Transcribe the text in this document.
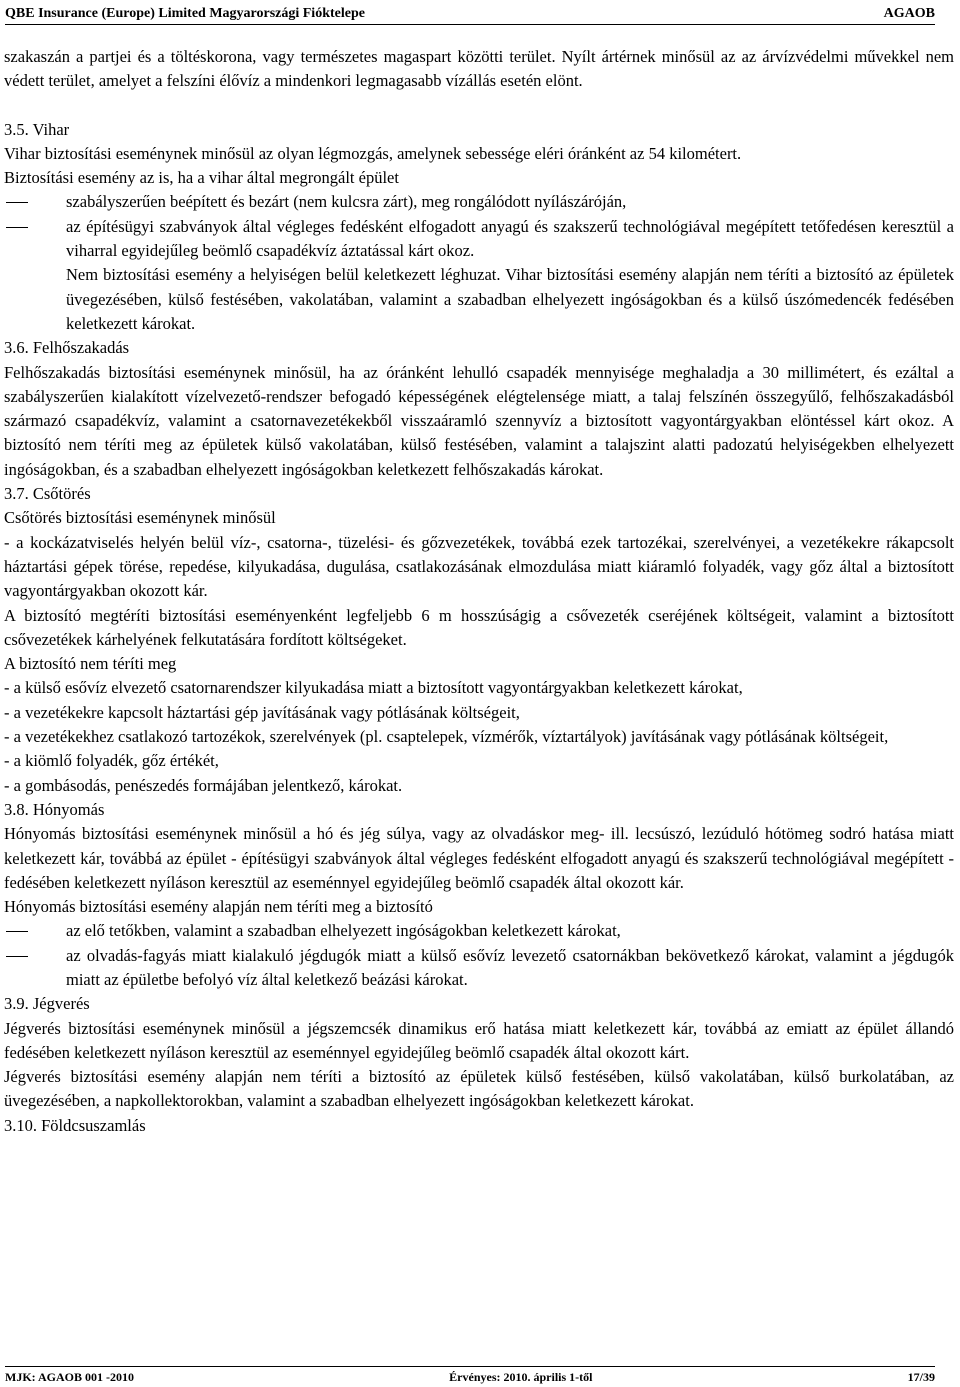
QBE Insurance (Europe) Limited Magyarországi Fióktelepe	AGAOB

szakaszán a partjei és a töltéskorona, vagy természetes magaspart közötti terület. Nyílt ártérnek minősül az az árvízvédelmi művekkel nem védett terület, amelyet a felszíni élővíz a mindenkori legmagasabb vízállás esetén elönt.

3.5. Vihar

Vihar biztosítási eseménynek minősül az olyan légmozgás, amelynek sebessége eléri óránként az 54 kilométert.

Biztosítási esemény az is, ha a vihar által megrongált épület

szabályszerűen beépített és bezárt (nem kulcsra zárt), meg rongálódott nyílászáróján,
az építésügyi szabványok által végleges fedésként elfogadott anyagú és szakszerű technológiával megépített tetőfedésen keresztül a viharral egyidejűleg beömlő csapadékvíz áztatással kárt okoz.

Nem biztosítási esemény a helyiségen belül keletkezett léghuzat. Vihar biztosítási esemény alapján nem téríti a biztosító az épületek üvegezésében, külső festésében, vakolatában, valamint a szabadban elhelyezett ingóságokban és a külső úszómedencék fedésében keletkezett károkat.

3.6. Felhőszakadás

Felhőszakadás biztosítási eseménynek minősül, ha az óránként lehulló csapadék mennyisége meghaladja a 30 millimétert, és ezáltal a szabályszerűen kialakított vízelvezető-rendszer befogadó képességének elégtelensége miatt, a talaj felszínén összegyűlő, felhőszakadásból származó csapadékvíz, valamint a csatornavezetékekből visszaáramló szennyvíz a biztosított vagyontárgyakban elöntéssel kárt okoz. A biztosító nem téríti meg az épületek külső vakolatában, külső festésében, valamint a talajszint alatti padozatú helyiségekben elhelyezett ingóságokban, és a szabadban elhelyezett ingóságokban keletkezett felhőszakadás károkat.

3.7. Csőtörés

Csőtörés biztosítási eseménynek minősül

- a kockázatviselés helyén belül víz-, csatorna-, tüzelési- és gőzvezetékek, továbbá ezek tartozékai, szerelvényei, a vezetékekre rákapcsolt háztartási gépek törése, repedése, kilyukadása, dugulása, csatlakozásának elmozdulása miatt kiáramló folyadék, vagy gőz által a biztosított vagyontárgyakban okozott kár.

A biztosító megtéríti biztosítási eseményenként legfeljebb 6 m hosszúságig a csővezeték cseréjének költségeit, valamint a biztosított csővezetékek kárhelyének felkutatására fordított költségeket.

A biztosító nem téríti meg

- a külső esővíz elvezető csatornarendszer kilyukadása miatt a biztosított vagyontárgyakban keletkezett károkat,

- a vezetékekre kapcsolt háztartási gép javításának vagy pótlásának költségeit,

- a vezetékekhez csatlakozó tartozékok, szerelvények (pl. csaptelepek, vízmérők, víztartályok) javításának vagy pótlásának költségeit,

- a kiömlő folyadék, gőz értékét,

- a gombásodás, penészedés formájában jelentkező, károkat.

3.8. Hónyomás

Hónyomás biztosítási eseménynek minősül a hó és jég súlya, vagy az olvadáskor meg- ill. lecsúszó, lezúduló hótömeg sodró hatása miatt keletkezett kár, továbbá az épület - építésügyi szabványok által végleges fedésként elfogadott anyagú és szakszerű technológiával megépített - fedésében keletkezett nyíláson keresztül az eseménnyel egyidejűleg beömlő csapadék által okozott kár.

Hónyomás biztosítási esemény alapján nem téríti meg a biztosító

az elő tetőkben, valamint a szabadban elhelyezett ingóságokban keletkezett károkat,
az olvadás-fagyás miatt kialakuló jégdugók miatt a külső esővíz levezető csatornákban bekövetkező károkat, valamint a jégdugók miatt az épületbe befolyó víz által keletkező beázási károkat.

3.9. Jégverés

Jégverés biztosítási eseménynek minősül a jégszemcsék dinamikus erő hatása miatt keletkezett kár, továbbá az emiatt az épület állandó fedésében keletkezett nyíláson keresztül az eseménnyel egyidejűleg beömlő csapadék által okozott kárt.

Jégverés biztosítási esemény alapján nem téríti a biztosító az épületek külső festésében, külső vakolatában, külső burkolatában, az üvegezésében, a napkollektorokban, valamint a szabadban elhelyezett ingóságokban keletkezett károkat.

3.10. Földcsuszamlás

MJK: AGAOB 001 -2010	Érvényes: 2010. április 1-től	17/39
